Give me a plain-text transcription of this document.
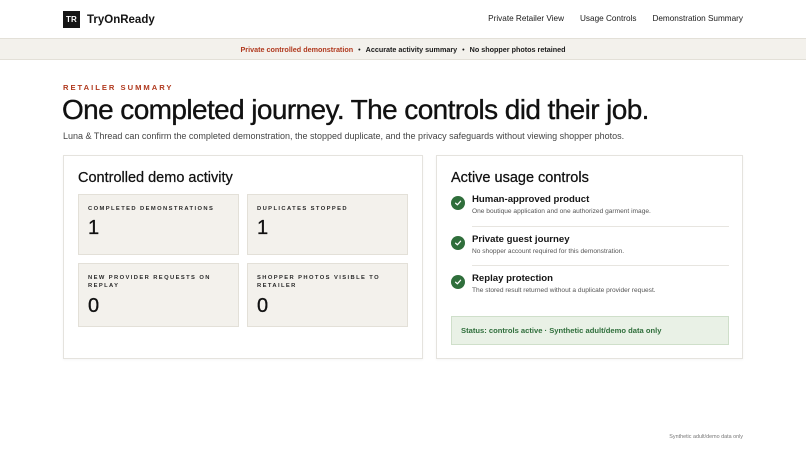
TR TryOnReady	Private Retailer View Usage Controls Demonstration Summary
Private controlled demonstration • Accurate activity summary • No shopper photos retained
RETAILER SUMMARY
One completed journey. The controls did their job.

Luna & Thread can confirm the completed demonstration, the stopped duplicate, and the privacy safeguards without viewing shopper photos.

Controlled demo activity
COMPLETED DEMONSTRATIONS
1
DUPLICATES STOPPED
1
NEW PROVIDER REQUESTS ON REPLAY
0
SHOPPER PHOTOS VISIBLE TO RETAILER
0
Active usage controls
Human-approved product
One boutique application and one authorized garment image.
Private guest journey
No shopper account required for this demonstration.
Replay protection
The stored result returned without a duplicate provider request.
Status: controls active · Synthetic adult/demo data only
Synthetic adult/demo data only
